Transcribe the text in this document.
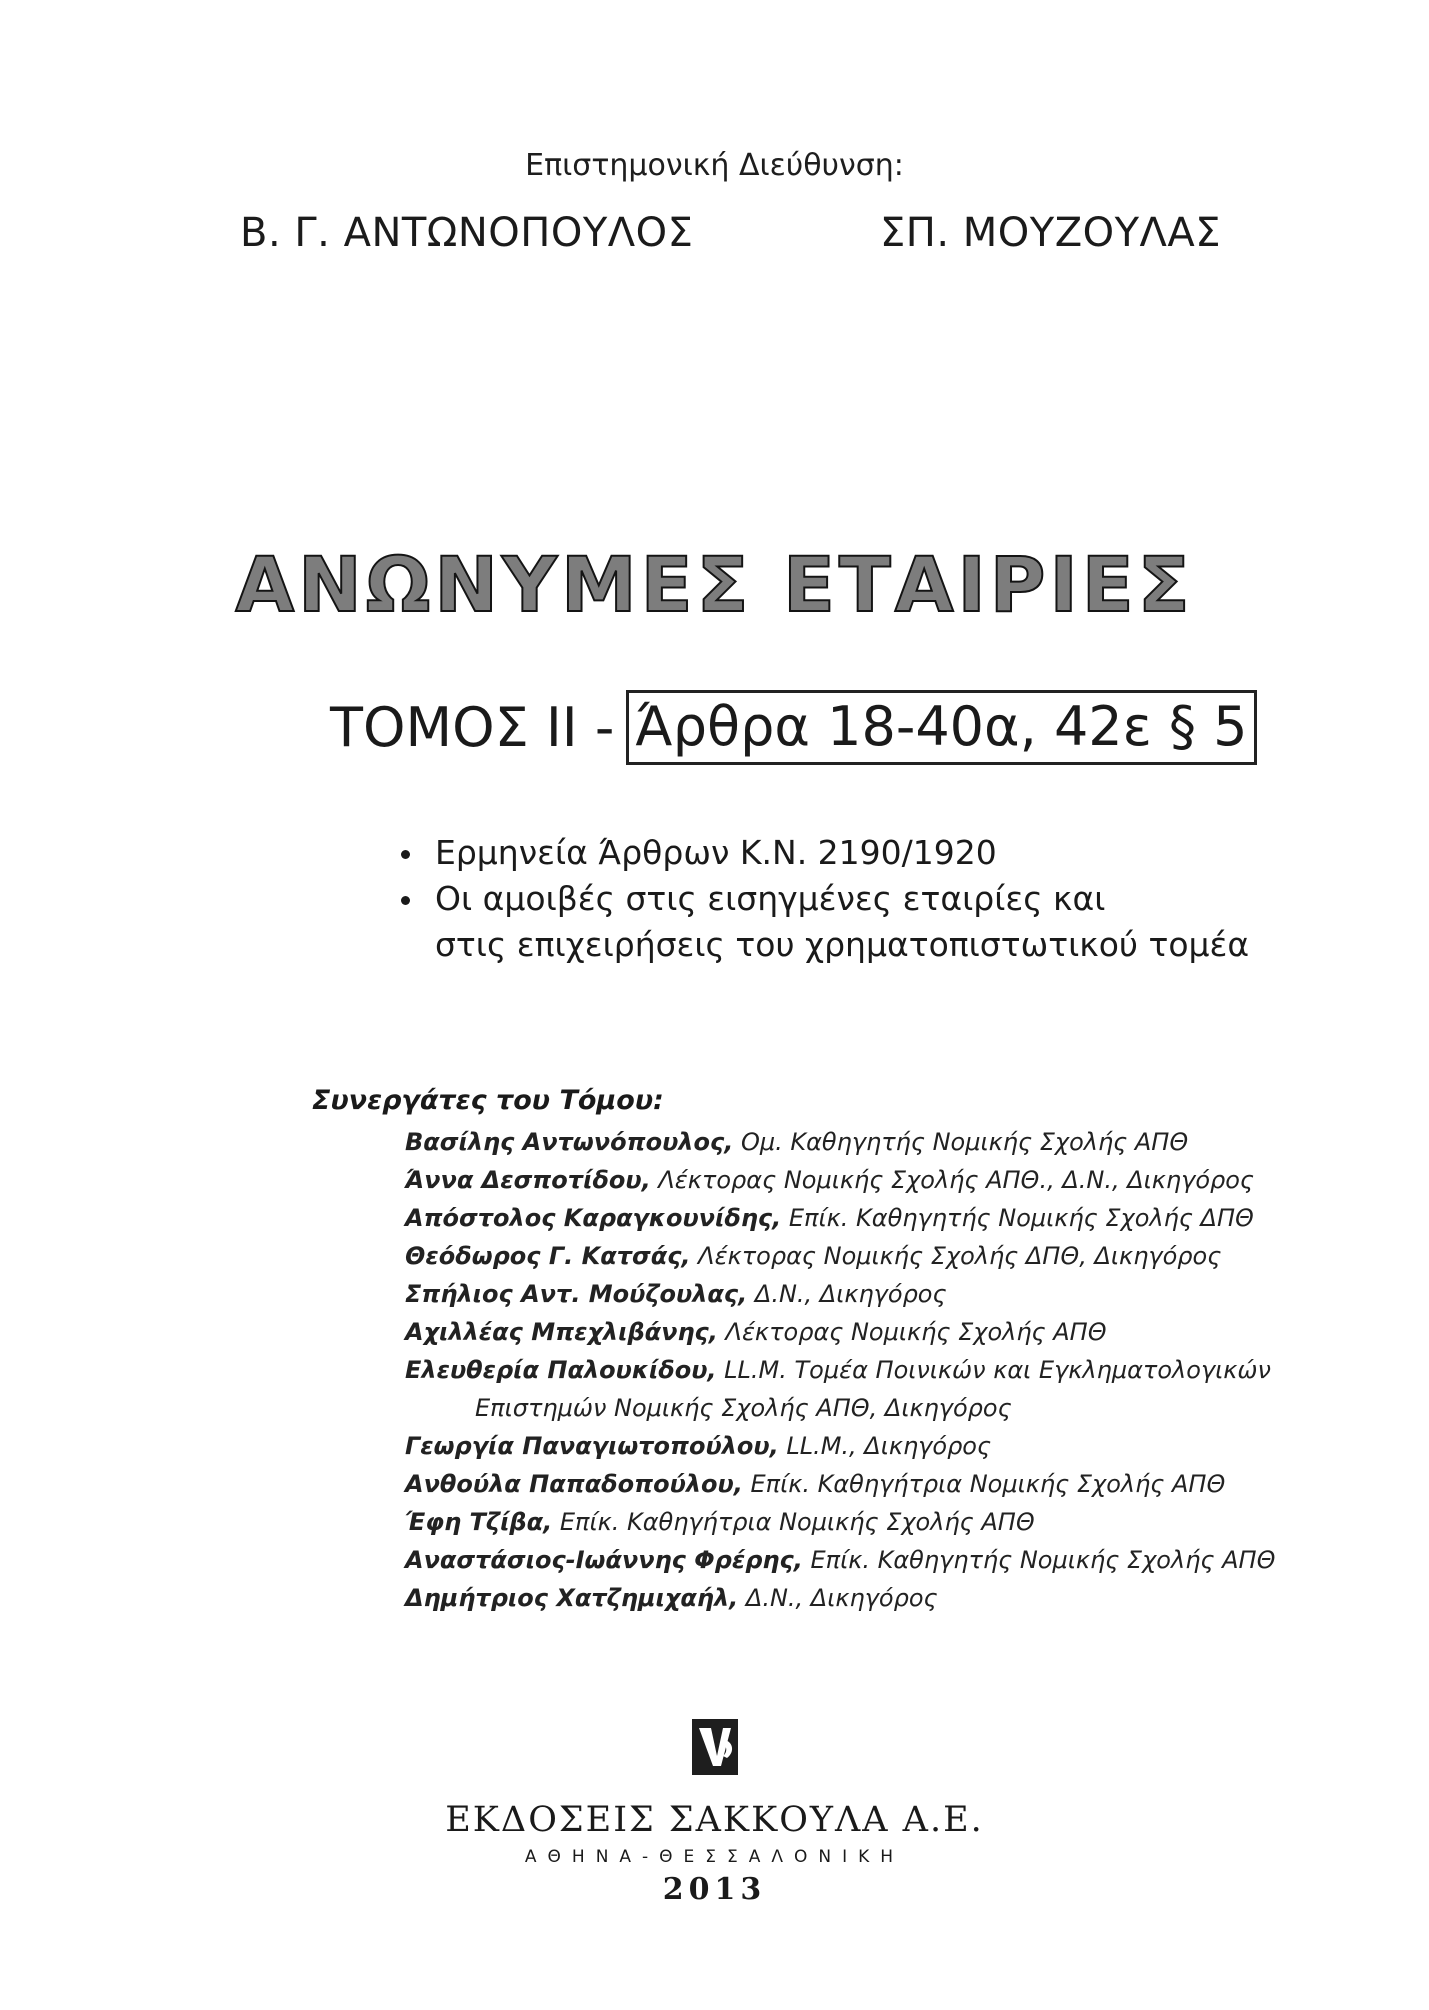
Επιστημονική Διεύθυνση:
Β. Γ. ΑΝΤΩΝΟΠΟΥΛΟΣ	ΣΠ. ΜΟΥΖΟΥΛΑΣ
ΑΝΩΝΥΜΕΣ ΕΤΑΙΡΙΕΣ
ΤΟΜΟΣ ΙΙ - Άρθρα 18-40α, 42ε § 5
Ερμηνεία Άρθρων Κ.Ν. 2190/1920
Οι αμοιβές στις εισηγμένες εταιρίες και
στις επιχειρήσεις του χρηματοπιστωτικού τομέα
Συνεργάτες του Τόμου:
Βασίλης Αντωνόπουλος, Ομ. Καθηγητής Νομικής Σχολής ΑΠΘ
Άννα Δεσποτίδου, Λέκτορας Νομικής Σχολής ΑΠΘ., Δ.Ν., Δικηγόρος
Απόστολος Καραγκουνίδης, Επίκ. Καθηγητής Νομικής Σχολής ΔΠΘ
Θεόδωρος Γ. Κατσάς, Λέκτορας Νομικής Σχολής ΔΠΘ, Δικηγόρος
Σπήλιος Αντ. Μούζουλας, Δ.Ν., Δικηγόρος
Αχιλλέας Μπεχλιβάνης, Λέκτορας Νομικής Σχολής ΑΠΘ
Ελευθερία Παλουκίδου, LL.M. Τομέα Ποινικών και Εγκληματολογικών
Επιστημών Νομικής Σχολής ΑΠΘ, Δικηγόρος
Γεωργία Παναγιωτοπούλου, LL.M., Δικηγόρος
Ανθούλα Παπαδοπούλου, Επίκ. Καθηγήτρια Νομικής Σχολής ΑΠΘ
Έφη Τζίβα, Επίκ. Καθηγήτρια Νομικής Σχολής ΑΠΘ
Αναστάσιος-Ιωάννης Φρέρης, Επίκ. Καθηγητής Νομικής Σχολής ΑΠΘ
Δημήτριος Χατζημιχαήλ, Δ.Ν., Δικηγόρος
ΕΚΔΟΣΕΙΣ ΣΑΚΚΟΥΛΑ Α.Ε.
ΑΘΗΝΑ-ΘΕΣΣΑΛΟΝΙΚΗ
2013
